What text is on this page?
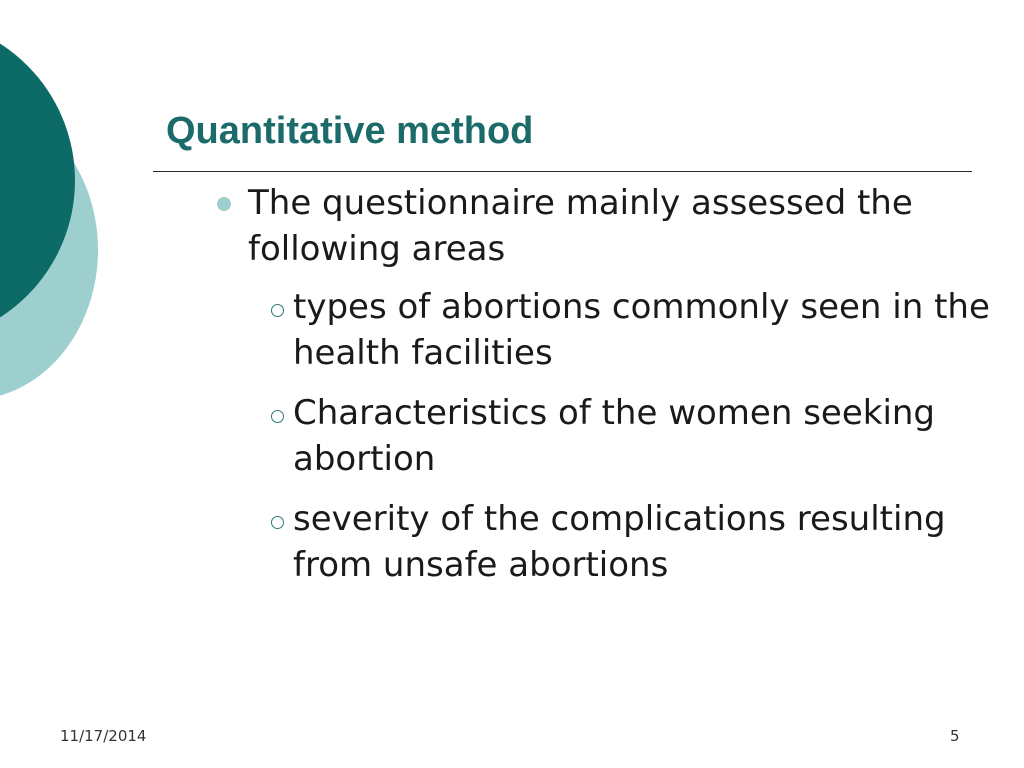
Quantitative method
The questionnaire mainly assessed the following areas
types of abortions commonly seen in the health facilities
Characteristics of the women seeking abortion
severity of the complications resulting from unsafe abortions
11/17/2014	5
